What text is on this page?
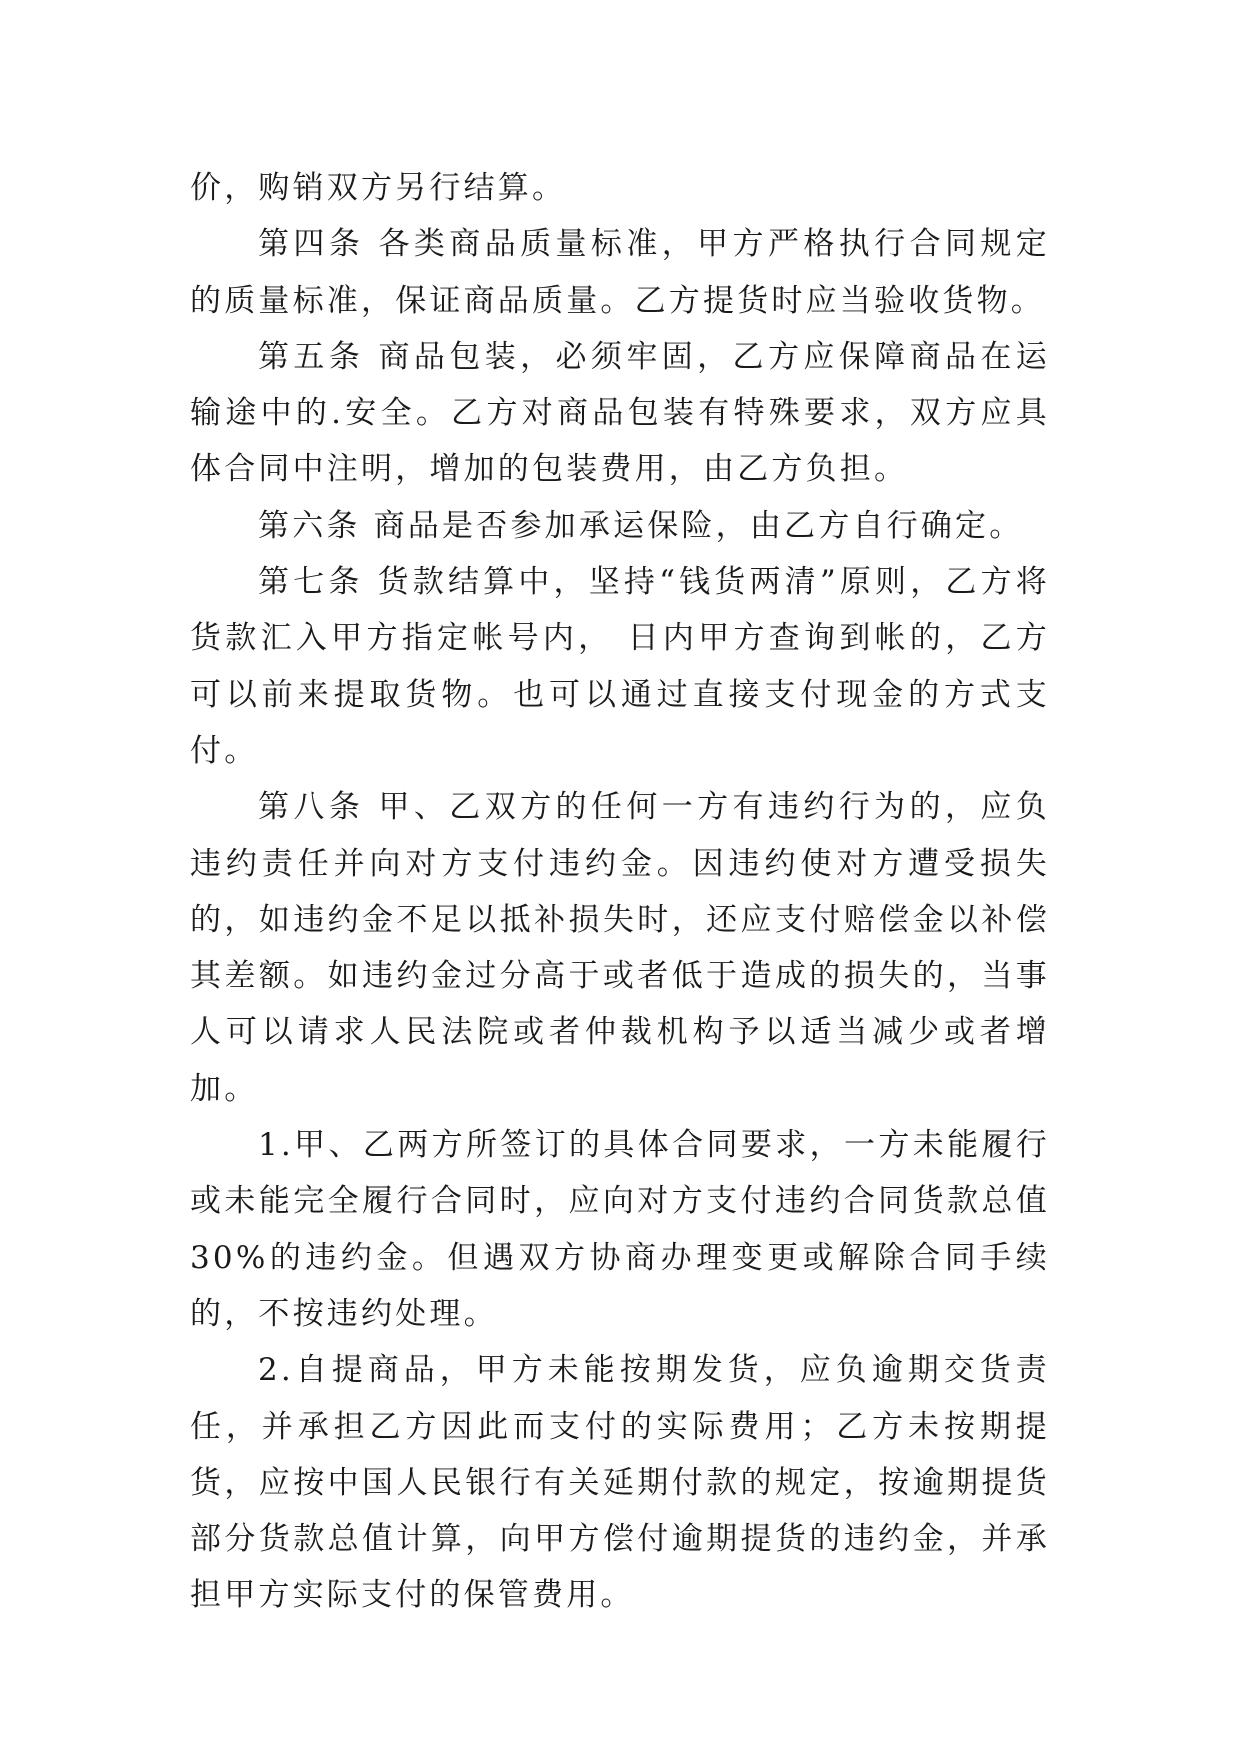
价，购销双方另行结算。

第四条 各类商品质量标准，甲方严格执行合同规定的质量标准，保证商品质量。乙方提货时应当验收货物。

第五条 商品包装，必须牢固，乙方应保障商品在运输途中的.安全。乙方对商品包装有特殊要求，双方应具体合同中注明，增加的包装费用，由乙方负担。

第六条 商品是否参加承运保险，由乙方自行确定。

第七条 货款结算中，坚持“钱货两清”原则，乙方将货款汇入甲方指定帐号内， 日内甲方查询到帐的，乙方可以前来提取货物。也可以通过直接支付现金的方式支付。

第八条 甲、乙双方的任何一方有违约行为的，应负违约责任并向对方支付违约金。因违约使对方遭受损失的，如违约金不足以抵补损失时，还应支付赔偿金以补偿其差额。如违约金过分高于或者低于造成的损失的，当事人可以请求人民法院或者仲裁机构予以适当减少或者增加。

1.甲、乙两方所签订的具体合同要求，一方未能履行或未能完全履行合同时，应向对方支付违约合同货款总值30%的违约金。但遇双方协商办理变更或解除合同手续的，不按违约处理。

2.自提商品，甲方未能按期发货，应负逾期交货责任，并承担乙方因此而支付的实际费用；乙方未按期提货，应按中国人民银行有关延期付款的规定，按逾期提货部分货款总值计算，向甲方偿付逾期提货的违约金，并承担甲方实际支付的保管费用。
